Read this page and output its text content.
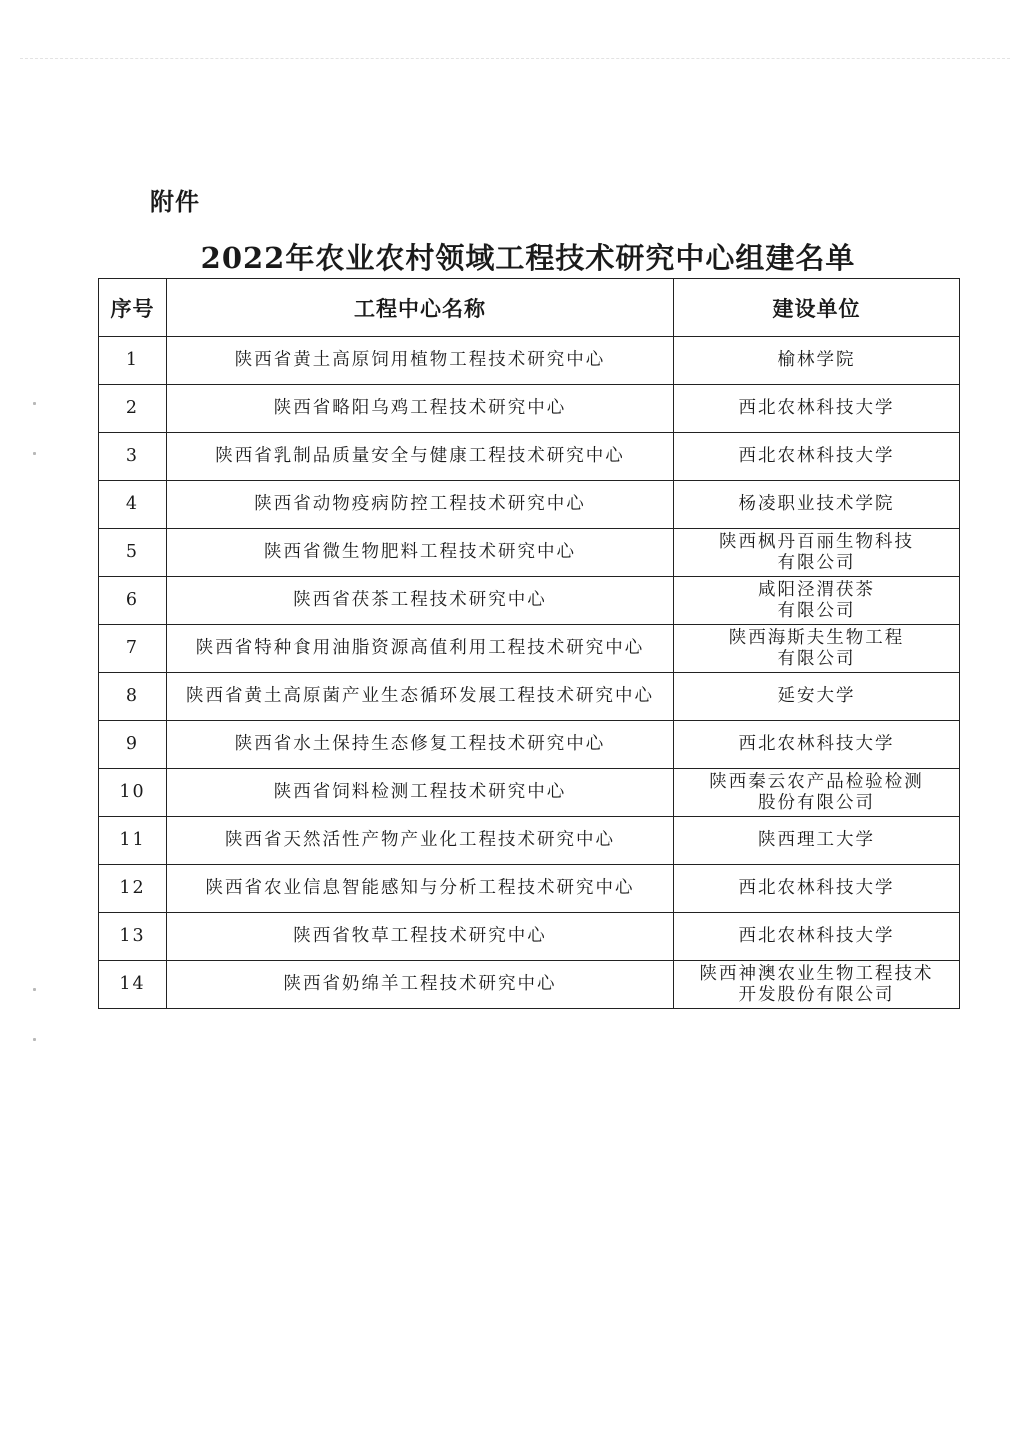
附件
2022年农业农村领域工程技术研究中心组建名单
序号	工程中心名称	建设单位
1	陕西省黄土高原饲用植物工程技术研究中心	榆林学院

2	陕西省略阳乌鸡工程技术研究中心	西北农林科技大学

3	陕西省乳制品质量安全与健康工程技术研究中心	西北农林科技大学

4	陕西省动物疫病防控工程技术研究中心	杨凌职业技术学院

5	陕西省微生物肥料工程技术研究中心	陕西枫丹百丽生物科技
有限公司

6	陕西省茯茶工程技术研究中心	咸阳泾渭茯茶
有限公司

7	陕西省特种食用油脂资源高值利用工程技术研究中心	陕西海斯夫生物工程
有限公司

8	陕西省黄土高原菌产业生态循环发展工程技术研究中心	延安大学

9	陕西省水土保持生态修复工程技术研究中心	西北农林科技大学

10	陕西省饲料检测工程技术研究中心	陕西秦云农产品检验检测
股份有限公司

11	陕西省天然活性产物产业化工程技术研究中心	陕西理工大学

12	陕西省农业信息智能感知与分析工程技术研究中心	西北农林科技大学

13	陕西省牧草工程技术研究中心	西北农林科技大学

14	陕西省奶绵羊工程技术研究中心	陕西神澳农业生物工程技术
开发股份有限公司
